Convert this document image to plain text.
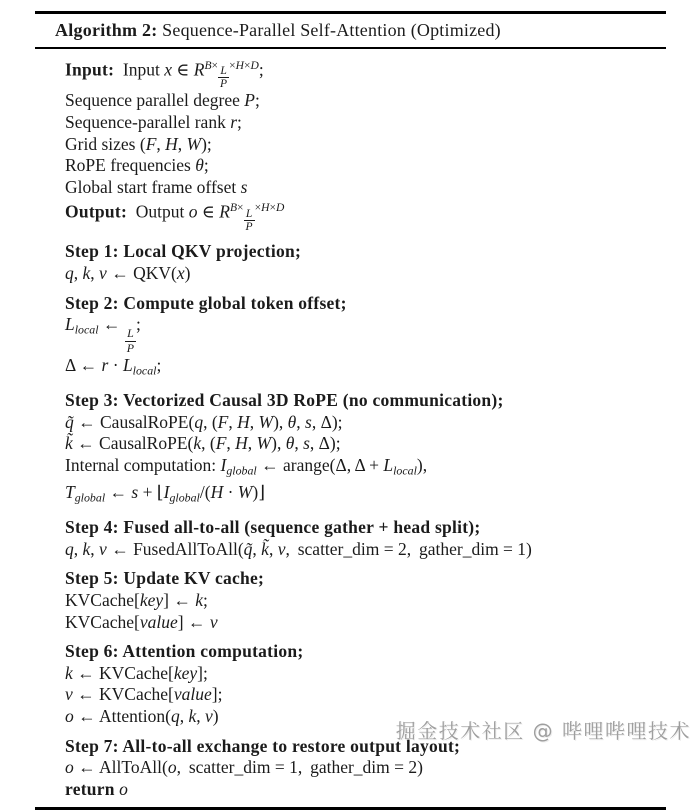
Algorithm 2: Sequence-Parallel Self-Attention (Optimized)
Input: Input x ∈ $R^{B\times \frac{L}{P} \times H\times D}$;
Sequence parallel degree P;
Sequence-parallel rank r;
Grid sizes (F, H, W);
RoPE frequencies θ;
Global start frame offset s
Output: Output o ∈ $R^{B\times \frac{L}{P} \times H\times D}$
Step 1: Local QKV projection;
q, k, v ← QKV(x)
Step 2: Compute global token offset;
$L_{local}$ ←
$\frac{L}{P}$
;
Δ ← $r \cdot L_{local}$;
Step 3: Vectorized Causal 3D RoPE (no communication);
q̃ ← CausalRoPE(q, (F, H, W), θ, s, Δ);
k̃ ← CausalRoPE(k, (F, H, W), θ, s, Δ);
Internal computation: $I_{global}$ ← arange(Δ, $\Delta + L_{local}$),
$T_{global}$ ← $s + ⌊I_{global}/(H$ · W)⌋
Step 4: Fused all-to-all (sequence gather + head split);
q, k, v ← FusedAllToAll(q̃, k̃, v,  scatter_dim = 2,  gather_dim = 1)
Step 5: Update KV cache;
KVCache[key] ← k;
KVCache[value] ← v
Step 6: Attention computation;
k ← KVCache[key];
v ← KVCache[value];
o ← Attention(q, k, v)
Step 7: All-to-all exchange to restore output layout;
o ← AllToAll(o,  scatter_dim = 1,  gather_dim = 2)
return o
掘金技术社区 @ 哔哩哔哩技术
